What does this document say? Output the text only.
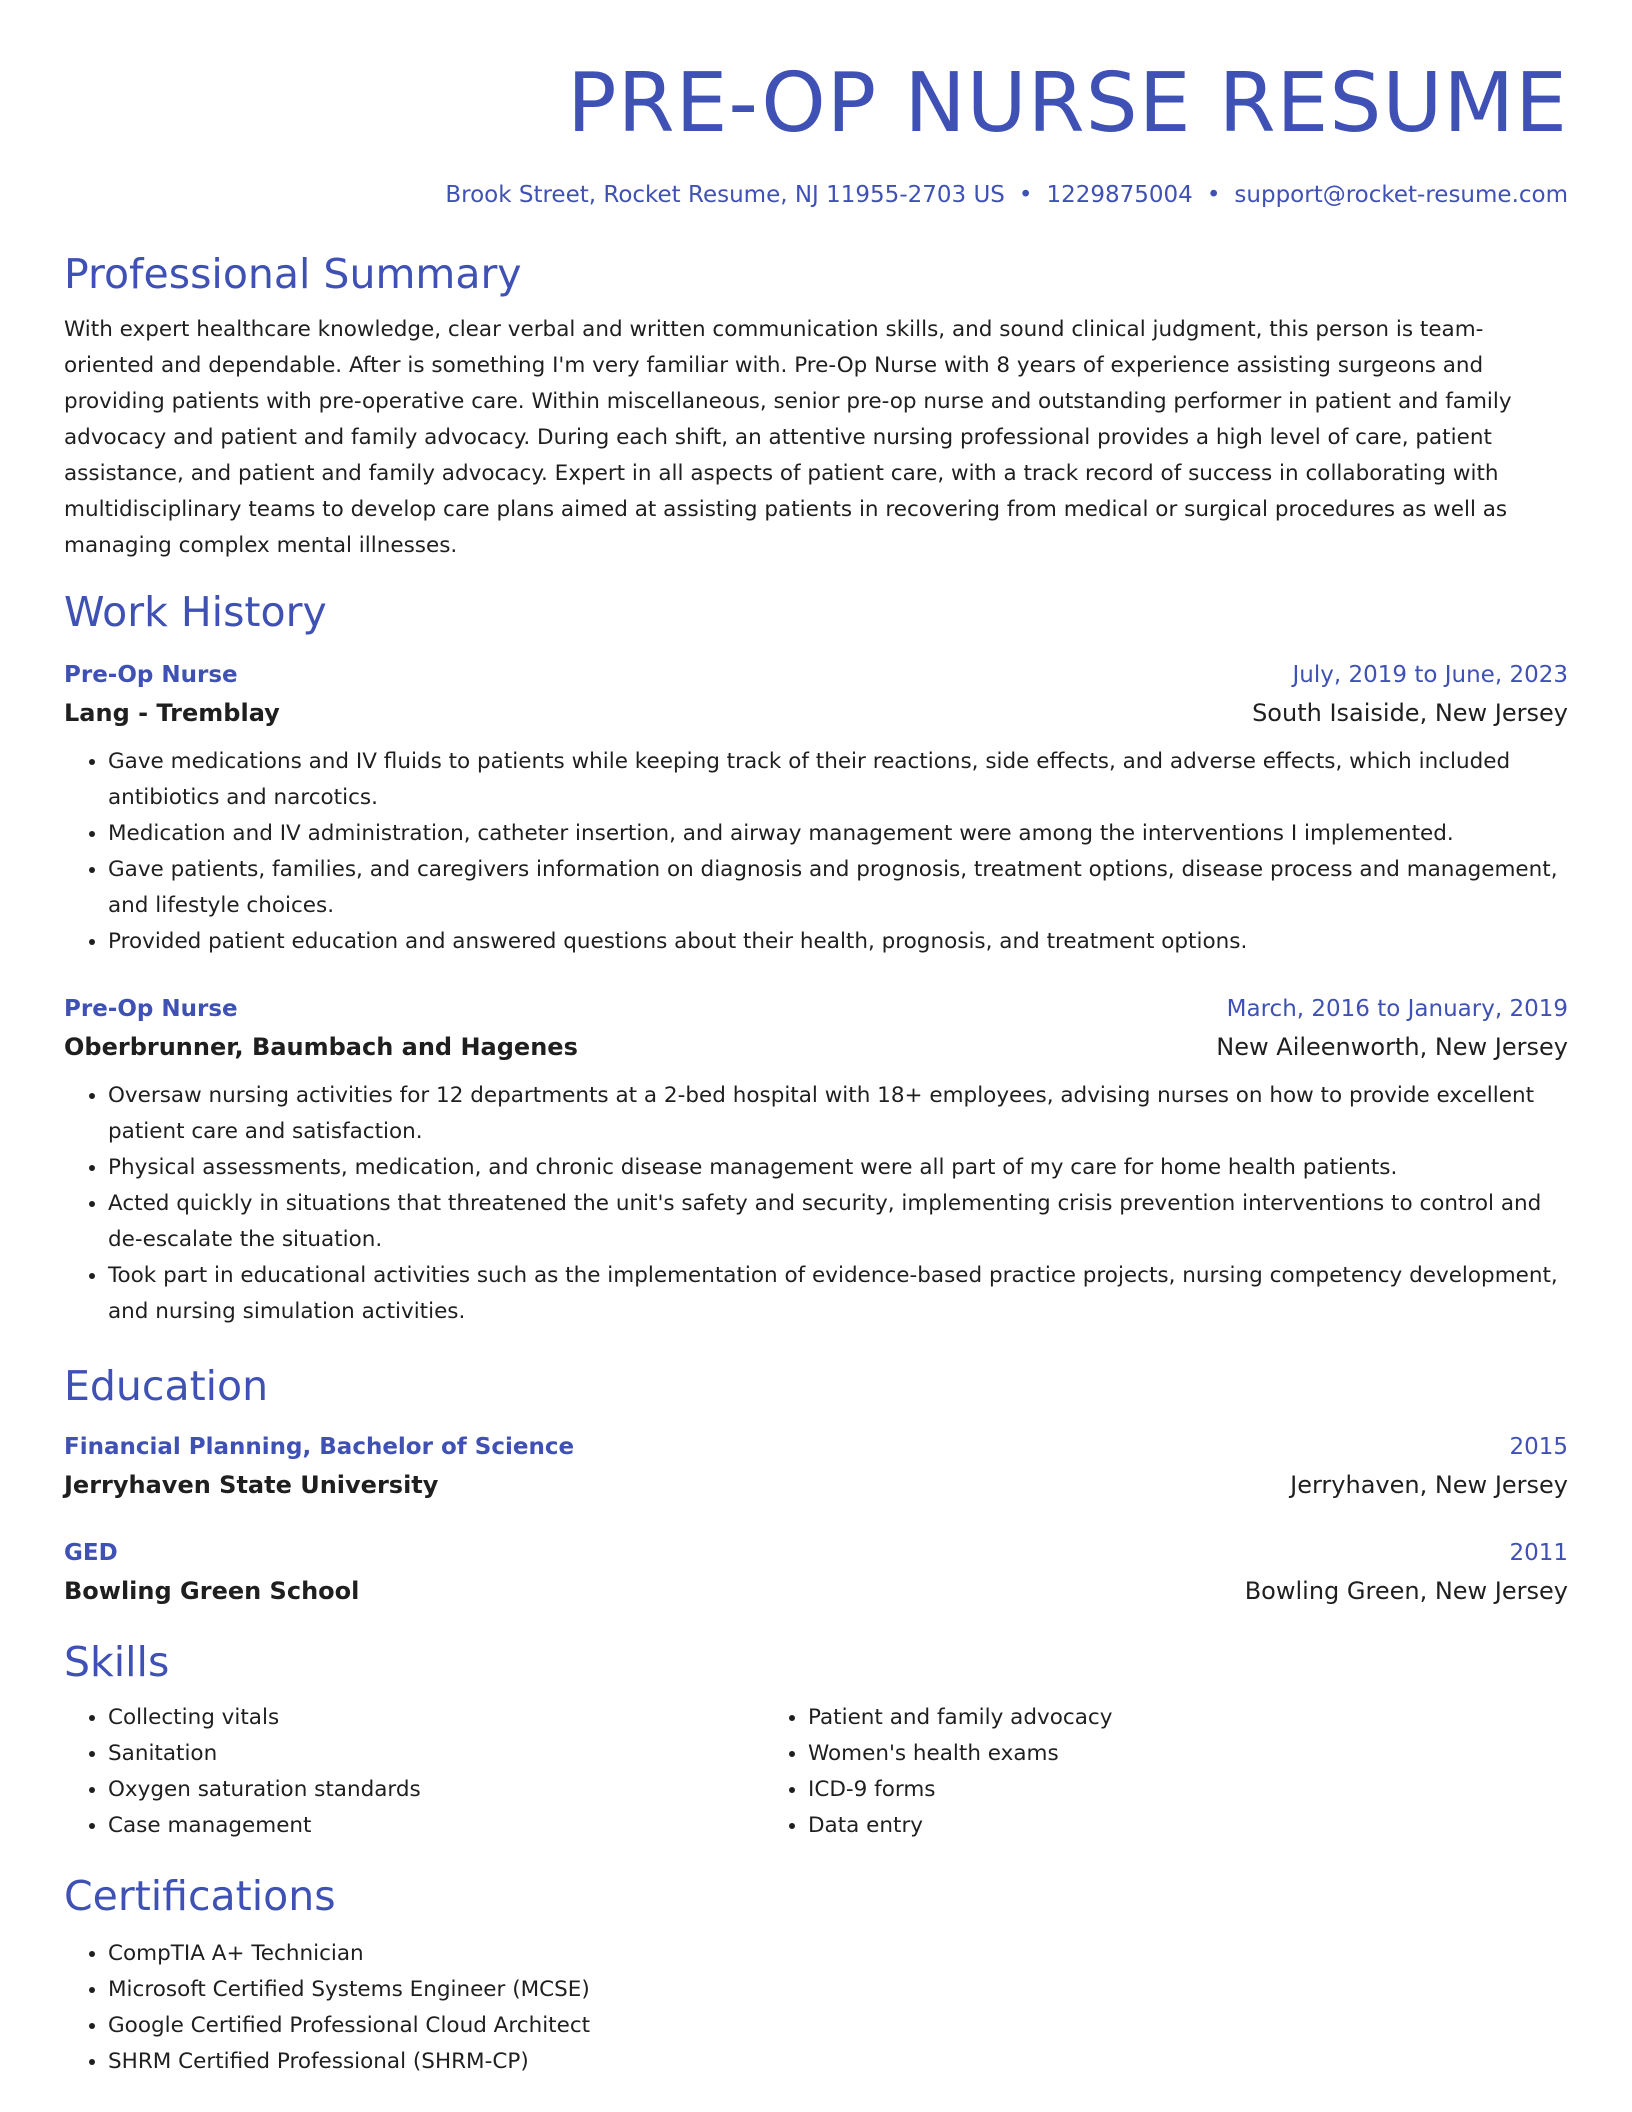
PRE-OP NURSE RESUME
Brook Street, Rocket Resume, NJ 11955-2703 US • 1229875004 • support@rocket-resume.com
Professional Summary

With expert healthcare knowledge, clear verbal and written communication skills, and sound clinical judgment, this person is team-oriented and dependable. After is something I'm very familiar with. Pre-Op Nurse with 8 years of experience assisting surgeons and providing patients with pre-operative care. Within miscellaneous, senior pre-op nurse and outstanding performer in patient and family advocacy and patient and family advocacy. During each shift, an attentive nursing professional provides a high level of care, patient assistance, and patient and family advocacy. Expert in all aspects of patient care, with a track record of success in collaborating with multidisciplinary teams to develop care plans aimed at assisting patients in recovering from medical or surgical procedures as well as managing complex mental illnesses.

Work History
Pre-Op Nurse	July, 2019 to June, 2023
Lang - Tremblay	South Isaiside, New Jersey
• Gave medications and IV fluids to patients while keeping track of their reactions, side effects, and adverse effects, which included antibiotics and narcotics.
• Medication and IV administration, catheter insertion, and airway management were among the interventions I implemented.
• Gave patients, families, and caregivers information on diagnosis and prognosis, treatment options, disease process and management, and lifestyle choices.
• Provided patient education and answered questions about their health, prognosis, and treatment options.
Pre-Op Nurse	March, 2016 to January, 2019
Oberbrunner, Baumbach and Hagenes	New Aileenworth, New Jersey
• Oversaw nursing activities for 12 departments at a 2-bed hospital with 18+ employees, advising nurses on how to provide excellent patient care and satisfaction.
• Physical assessments, medication, and chronic disease management were all part of my care for home health patients.
• Acted quickly in situations that threatened the unit's safety and security, implementing crisis prevention interventions to control and de-escalate the situation.
• Took part in educational activities such as the implementation of evidence-based practice projects, nursing competency development, and nursing simulation activities.
Education
Financial Planning, Bachelor of Science	2015
Jerryhaven State University	Jerryhaven, New Jersey
GED	2011
Bowling Green School	Bowling Green, New Jersey
Skills
• Collecting vitals
• Sanitation
• Oxygen saturation standards
• Case management
• Patient and family advocacy
• Women's health exams
• ICD-9 forms
• Data entry
Certifications
• CompTIA A+ Technician
• Microsoft Certified Systems Engineer (MCSE)
• Google Certified Professional Cloud Architect
• SHRM Certified Professional (SHRM-CP)
